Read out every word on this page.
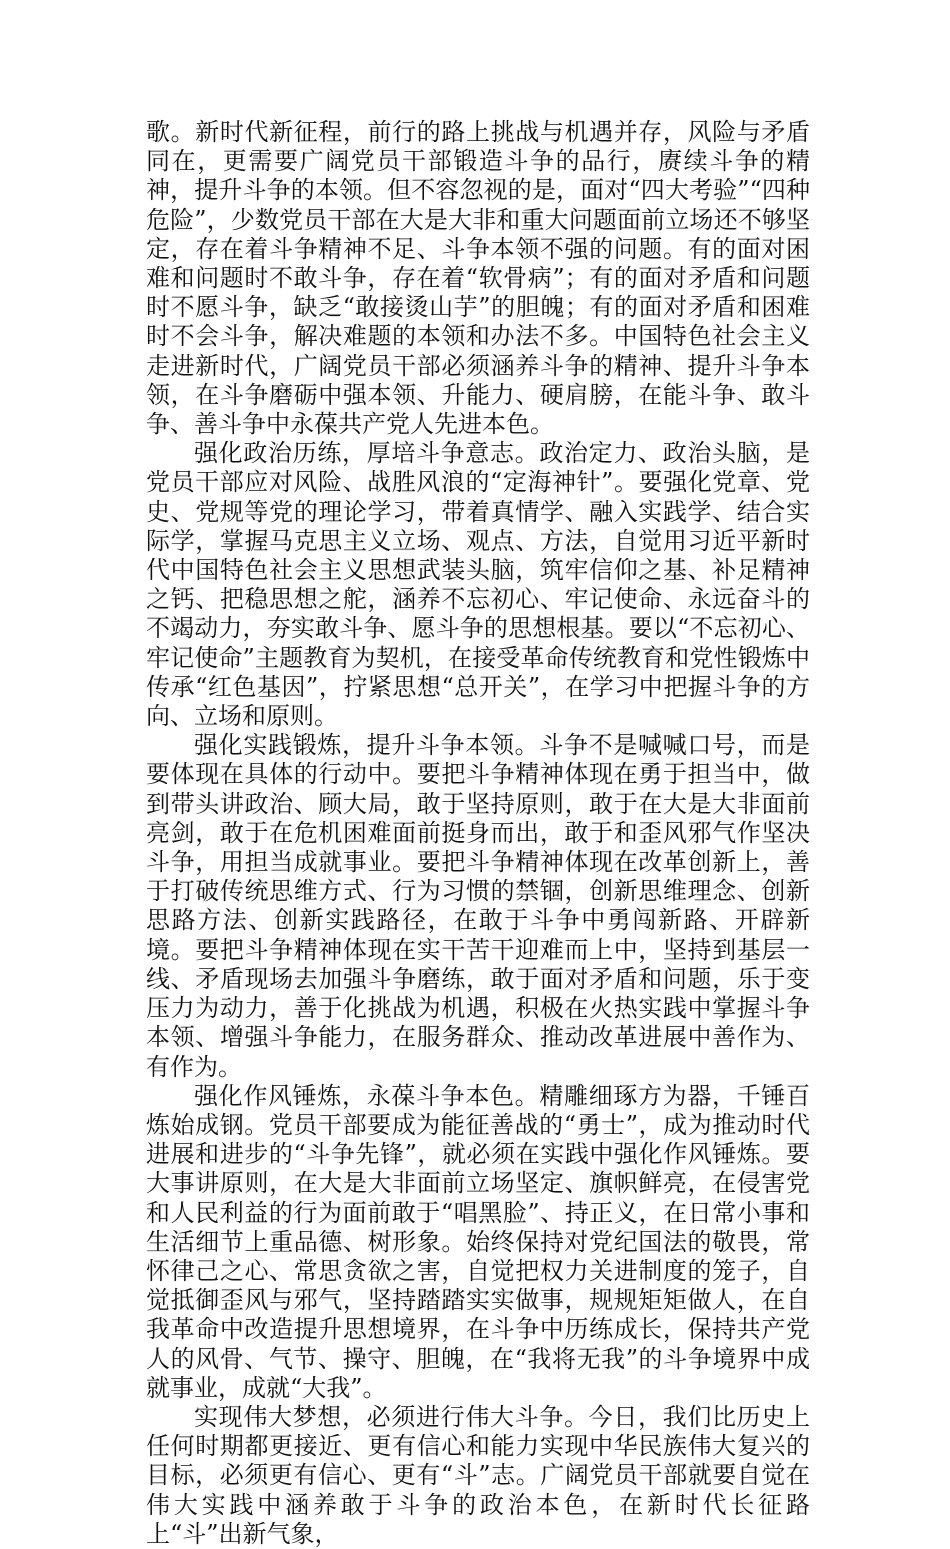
歌。新时代新征程，前行的路上挑战与机遇并存，风险与矛盾同在，更需要广阔党员干部锻造斗争的品行，赓续斗争的精神，提升斗争的本领。但不容忽视的是，面对“四大考验”“四种危险”，少数党员干部在大是大非和重大问题面前立场还不够坚定，存在着斗争精神不足、斗争本领不强的问题。有的面对困难和问题时不敢斗争，存在着“软骨病”；有的面对矛盾和问题时不愿斗争，缺乏“敢接烫山芋”的胆魄；有的面对矛盾和困难时不会斗争，解决难题的本领和办法不多。中国特色社会主义走进新时代，广阔党员干部必须涵养斗争的精神、提升斗争本领，在斗争磨砺中强本领、升能力、硬肩膀，在能斗争、敢斗争、善斗争中永葆共产党人先进本色。

强化政治历练，厚培斗争意志。政治定力、政治头脑，是党员干部应对风险、战胜风浪的“定海神针”。要强化党章、党史、党规等党的理论学习，带着真情学、融入实践学、结合实际学，掌握马克思主义立场、观点、方法，自觉用习近平新时代中国特色社会主义思想武装头脑，筑牢信仰之基、补足精神之钙、把稳思想之舵，涵养不忘初心、牢记使命、永远奋斗的不竭动力，夯实敢斗争、愿斗争的思想根基。要以“不忘初心、牢记使命”主题教育为契机，在接受革命传统教育和党性锻炼中传承“红色基因”，拧紧思想“总开关”，在学习中把握斗争的方向、立场和原则。

强化实践锻炼，提升斗争本领。斗争不是喊喊口号，而是要体现在具体的行动中。要把斗争精神体现在勇于担当中，做到带头讲政治、顾大局，敢于坚持原则，敢于在大是大非面前亮剑，敢于在危机困难面前挺身而出，敢于和歪风邪气作坚决斗争，用担当成就事业。要把斗争精神体现在改革创新上，善于打破传统思维方式、行为习惯的禁锢，创新思维理念、创新思路方法、创新实践路径，在敢于斗争中勇闯新路、开辟新境。要把斗争精神体现在实干苦干迎难而上中，坚持到基层一线、矛盾现场去加强斗争磨练，敢于面对矛盾和问题，乐于变压力为动力，善于化挑战为机遇，积极在火热实践中掌握斗争本领、增强斗争能力，在服务群众、推动改革进展中善作为、有作为。

强化作风锤炼，永葆斗争本色。精雕细琢方为器，千锤百炼始成钢。党员干部要成为能征善战的“勇士”，成为推动时代进展和进步的“斗争先锋”，就必须在实践中强化作风锤炼。要大事讲原则，在大是大非面前立场坚定、旗帜鲜亮，在侵害党和人民利益的行为面前敢于“唱黑脸”、持正义，在日常小事和生活细节上重品德、树形象。始终保持对党纪国法的敬畏，常怀律己之心、常思贪欲之害，自觉把权力关进制度的笼子，自觉抵御歪风与邪气，坚持踏踏实实做事，规规矩矩做人，在自我革命中改造提升思想境界，在斗争中历练成长，保持共产党人的风骨、气节、操守、胆魄，在“我将无我”的斗争境界中成就事业，成就“大我”。

实现伟大梦想，必须进行伟大斗争。今日，我们比历史上任何时期都更接近、更有信心和能力实现中华民族伟大复兴的目标，必须更有信心、更有“斗”志。广阔党员干部就要自觉在伟大实践中涵养敢于斗争的政治本色，在新时代长征路上“斗”出新气象，
